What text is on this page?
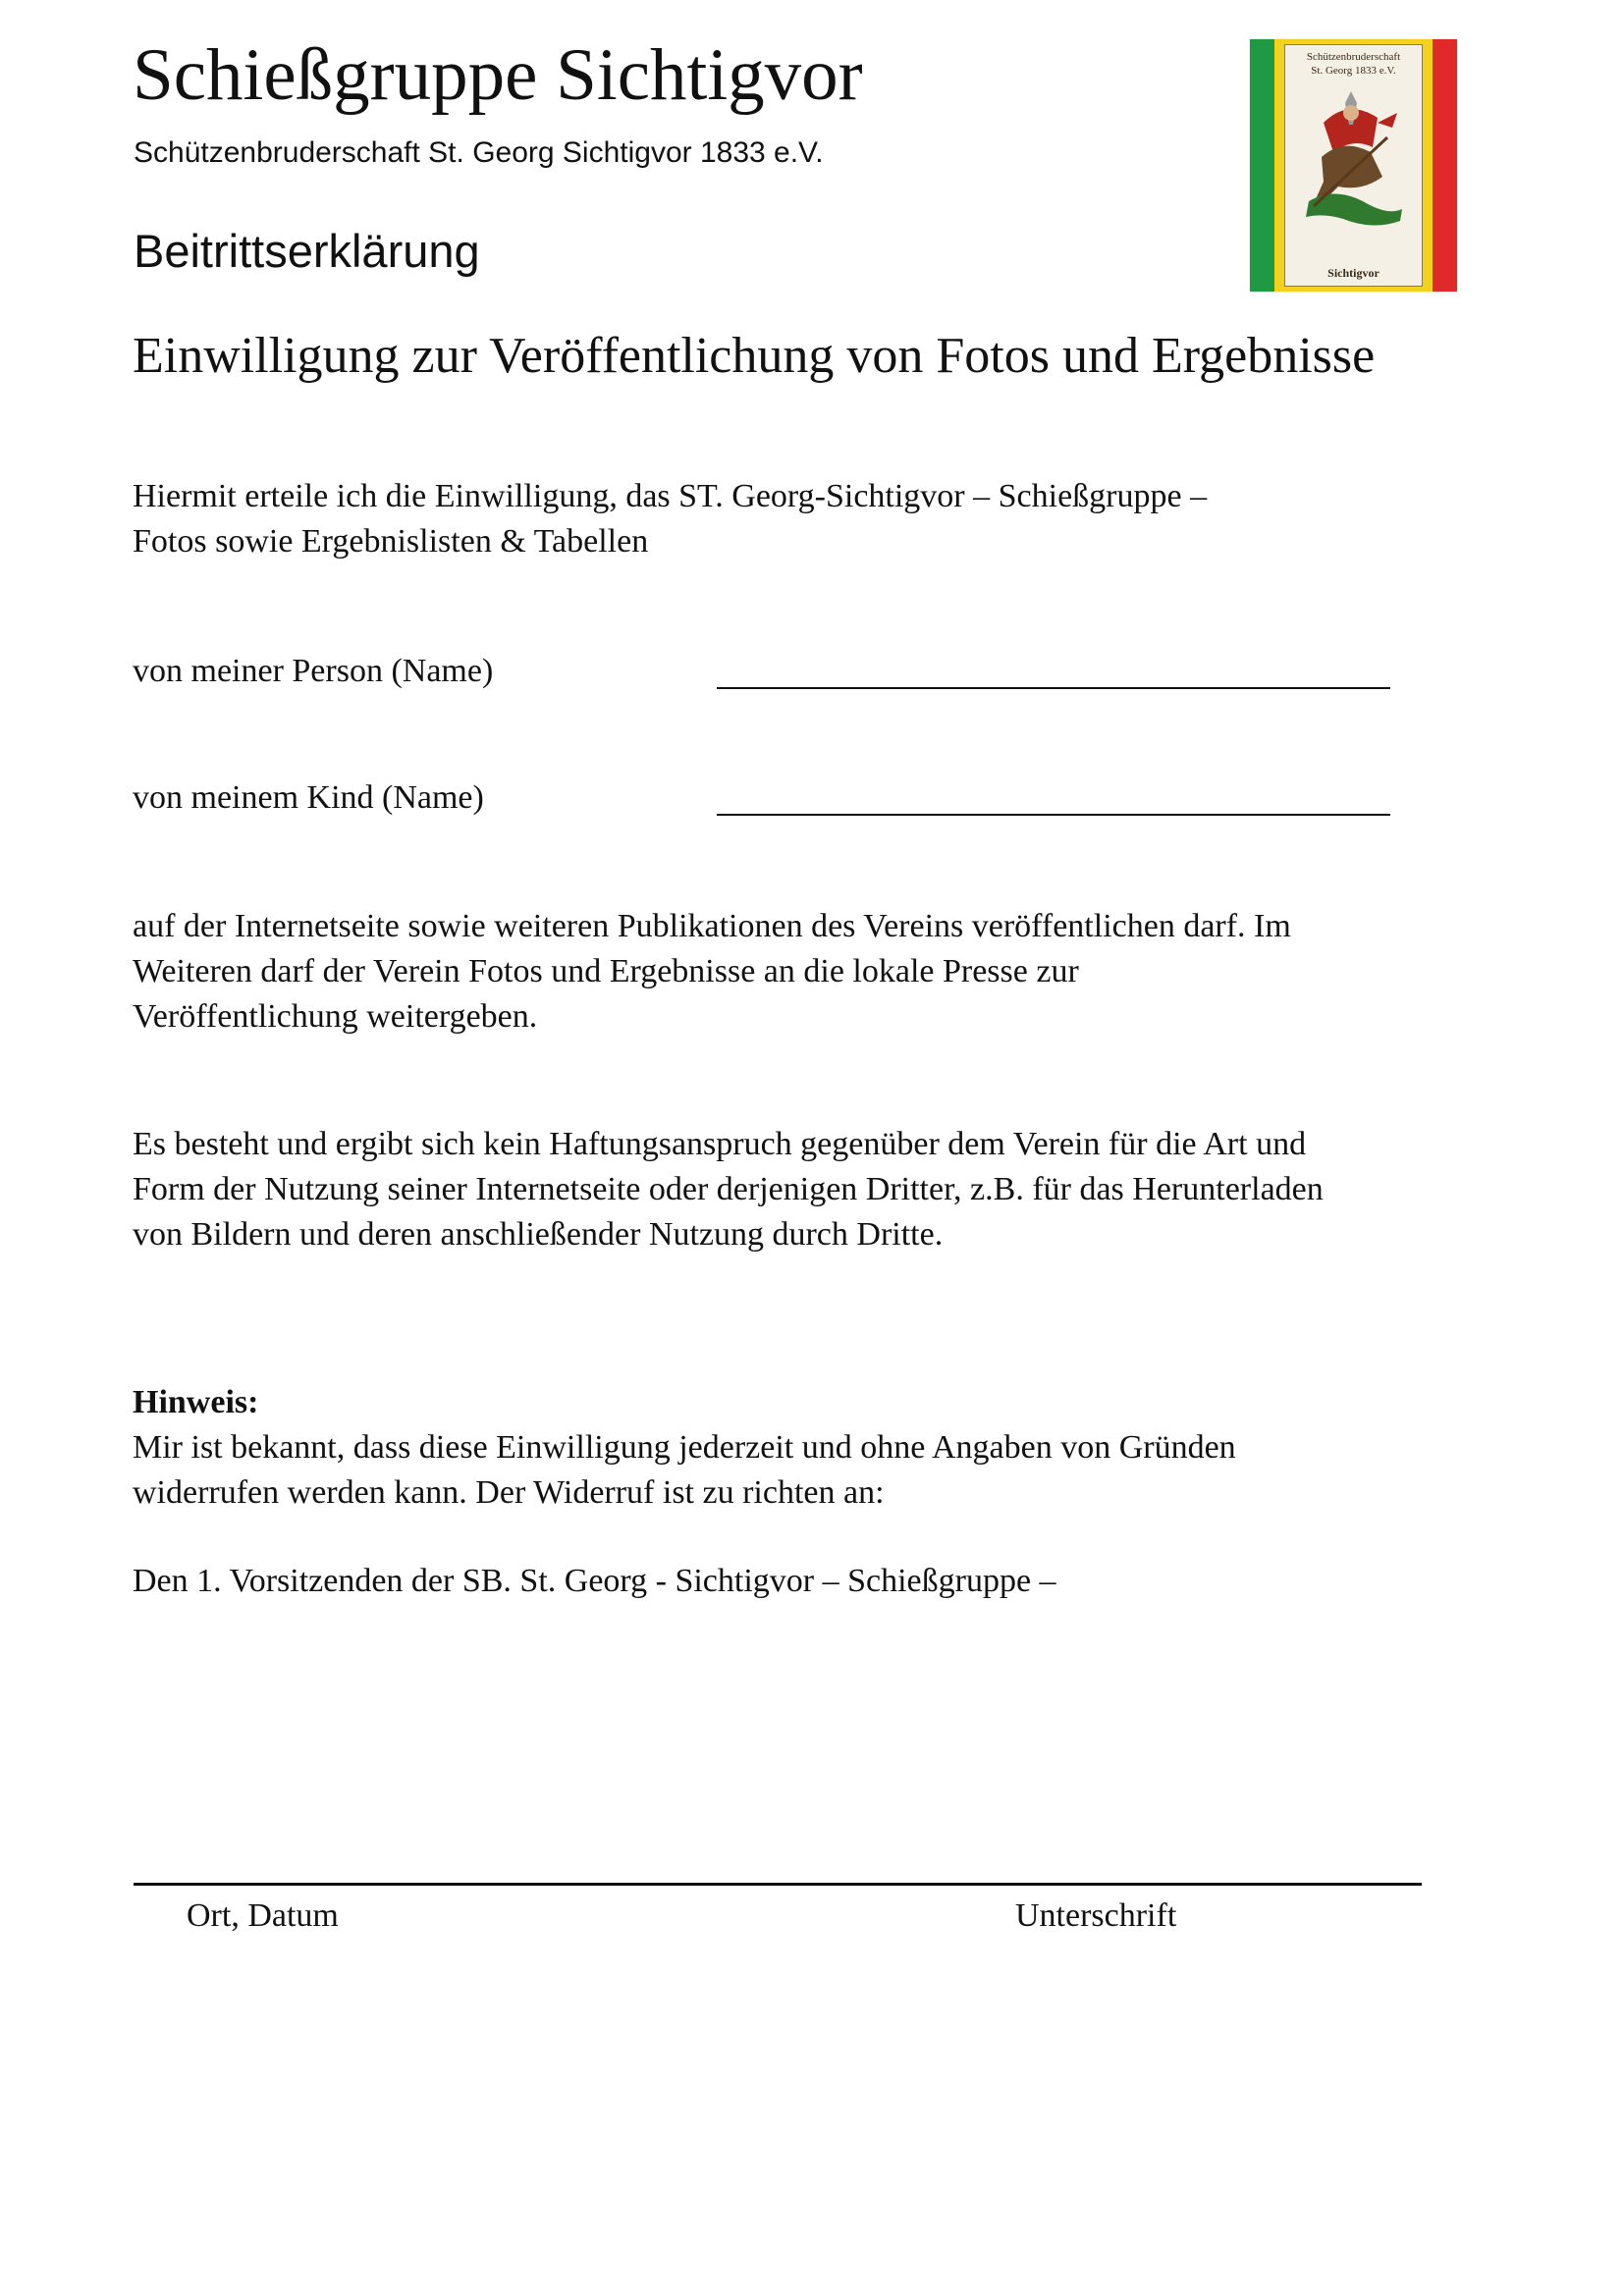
Schießgruppe Sichtigvor
Schützenbruderschaft St. Georg Sichtigvor 1833 e.V.
Beitrittserklärung
Schützenbruderschaft
St. Georg 1833 e.V.
Sichtigvor
Einwilligung zur Veröffentlichung von Fotos und Ergebnisse
Hiermit erteile ich die Einwilligung, das ST. Georg-Sichtigvor – Schießgruppe –
Fotos sowie Ergebnislisten & Tabellen
von meiner Person (Name)
von meinem Kind (Name)
auf der Internetseite sowie weiteren Publikationen des Vereins veröffentlichen darf. Im
Weiteren darf der Verein Fotos und Ergebnisse an die lokale Presse zur
Veröffentlichung weitergeben.
Es besteht und ergibt sich kein Haftungsanspruch gegenüber dem Verein für die Art und
Form der Nutzung seiner Internetseite oder derjenigen Dritter, z.B. für das Herunterladen
von Bildern und deren anschließender Nutzung durch Dritte.
Hinweis:
Mir ist bekannt, dass diese Einwilligung jederzeit und ohne Angaben von Gründen
widerrufen werden kann. Der Widerruf ist zu richten an:
Den 1. Vorsitzenden der SB. St. Georg - Sichtigvor – Schießgruppe –
Ort, Datum	Unterschrift
